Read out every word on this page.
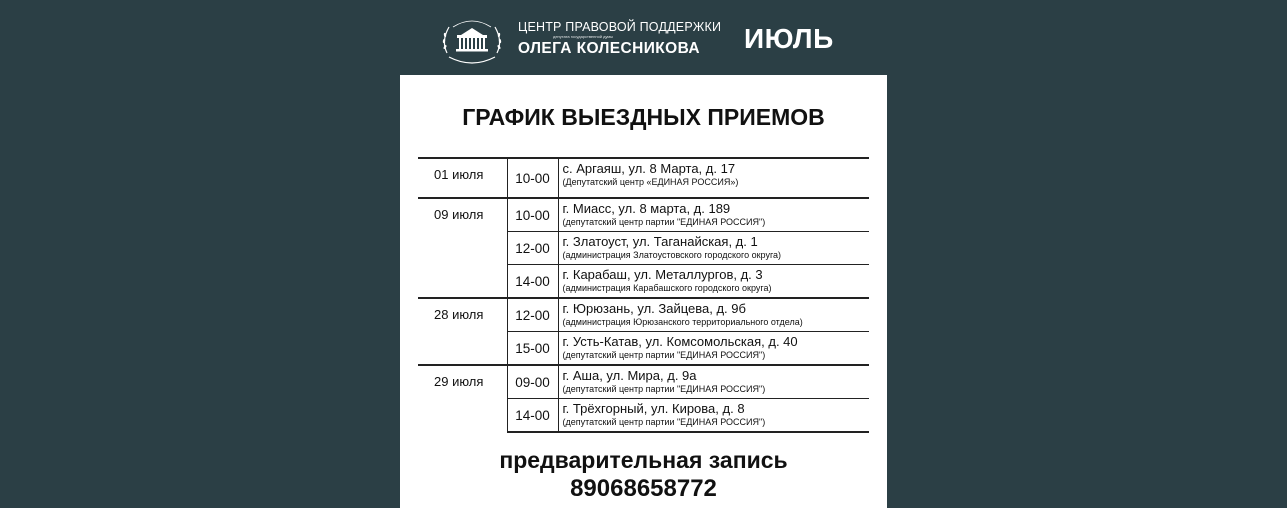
ЦЕНТР ПРАВОВОЙ ПОДДЕРЖКИ
депутата государственной думы
ОЛЕГА КОЛЕСНИКОВА ИЮЛЬ
ГРАФИК ВЫЕЗДНЫХ ПРИЕМОВ
01 июля	10-00	с. Аргаяш, ул. 8 Марта, д. 17
(Депутатский центр «ЕДИНАЯ РОССИЯ»)

09 июля	10-00	г. Миасс, ул. 8 марта, д. 189
(депутатский центр партии "ЕДИНАЯ РОССИЯ")

	12-00	г. Златоуст, ул. Таганайская, д. 1
(администрация Златоустовского городского округа)

	14-00	г. Карабаш, ул. Металлургов, д. 3
(администрация Карабашского городского округа)

28 июля	12-00	г. Юрюзань, ул. Зайцева, д. 9б
(администрация Юрюзанского территориального отдела)

	15-00	г. Усть-Катав, ул. Комсомольская, д. 40
(депутатский центр партии "ЕДИНАЯ РОССИЯ")

29 июля	09-00	г. Аша, ул. Мира, д. 9а
(депутатский центр партии "ЕДИНАЯ РОССИЯ")

	14-00	г. Трёхгорный, ул. Кирова, д. 8
(депутатский центр партии "ЕДИНАЯ РОССИЯ")
предварительная запись
89068658772
